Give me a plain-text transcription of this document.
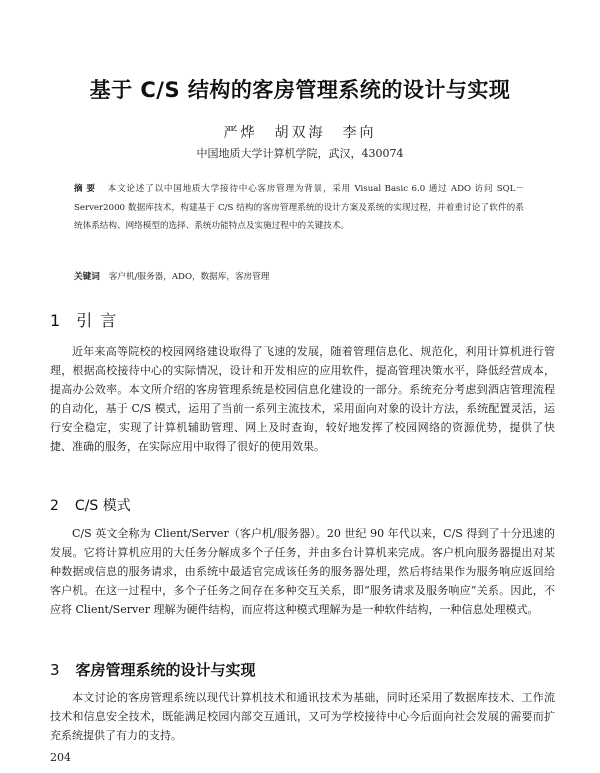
基于 C/S 结构的客房管理系统的设计与实现
严烨　胡双海　李向
中国地质大学计算机学院，武汉，430074
摘要 本文论述了以中国地质大学接待中心客房管理为背景，采用 Visual Basic 6.0 通过 ADO 访问 SQL－Server2000 数据库技术，构建基于 C/S 结构的客房管理系统的设计方案及系统的实现过程，并着重讨论了软件的系统体系结构、网络模型的选择、系统功能特点及实施过程中的关键技术。
关键词 客户机/服务器，ADO，数据库，客房管理
1 引言
近年来高等院校的校园网络建设取得了飞速的发展，随着管理信息化、规范化，利用计算机进行管理，根据高校接待中心的实际情况，设计和开发相应的应用软件，提高管理决策水平，降低经营成本，提高办公效率。本文所介绍的客房管理系统是校园信息化建设的一部分。系统充分考虑到酒店管理流程的自动化，基于 C/S 模式，运用了当前一系列主流技术，采用面向对象的设计方法，系统配置灵活，运行安全稳定，实现了计算机辅助管理、网上及时查询，较好地发挥了校园网络的资源优势，提供了快捷、准确的服务，在实际应用中取得了很好的使用效果。
2 C/S 模式
C/S 英文全称为 Client/Server（客户机/服务器）。20 世纪 90 年代以来，C/S 得到了十分迅速的发展。它将计算机应用的大任务分解成多个子任务，并由多台计算机来完成。客户机向服务器提出对某种数据或信息的服务请求，由系统中最适官完成该任务的服务器处理，然后将结果作为服务响应返回给客户机。在这一过程中，多个子任务之间存在多种交互关系，即“服务请求及服务响应”关系。因此，不应将 Client/Server 理解为硬件结构，而应将这种模式理解为是一种软件结构，一种信息处理模式。
3 客房管理系统的设计与实现
本文讨论的客房管理系统以现代计算机技术和通讯技术为基础，同时还采用了数据库技术、工作流技术和信息安全技术，既能满足校园内部交互通讯，又可为学校接待中心今后面向社会发展的需要而扩充系统提供了有力的支持。
204
